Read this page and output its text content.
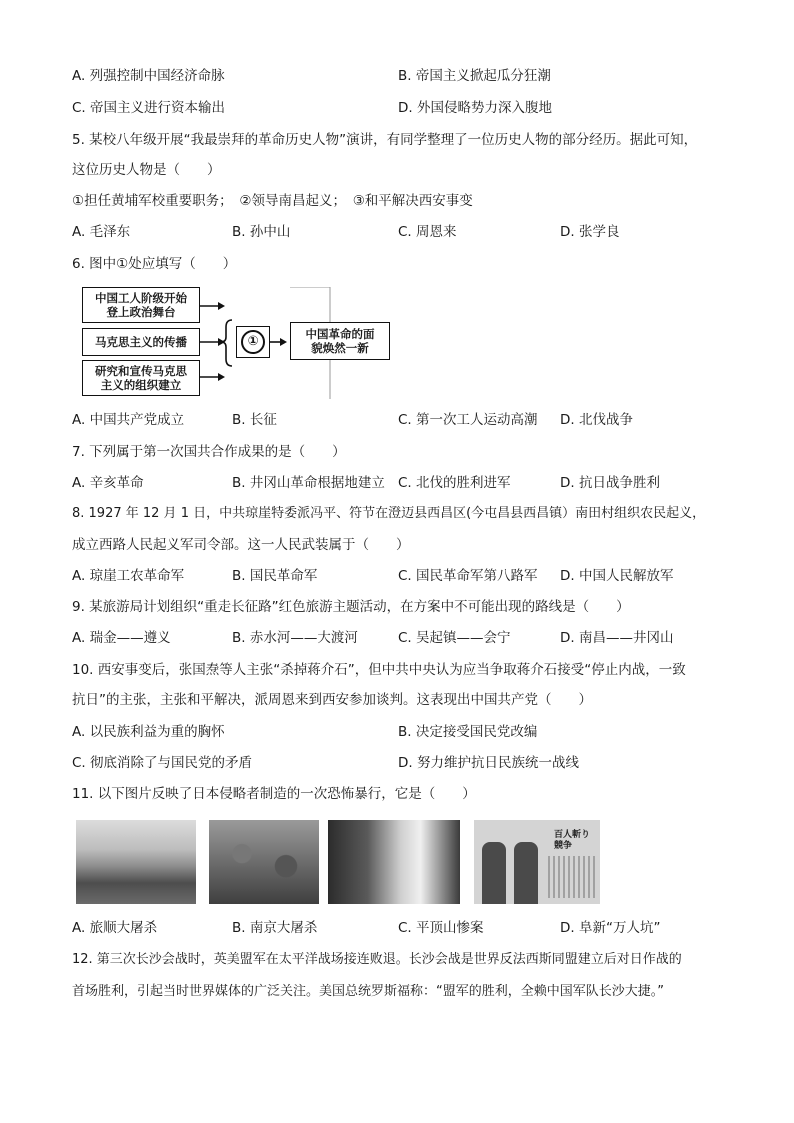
A. 列强控制中国经济命脉	B. 帝国主义掀起瓜分狂潮
C. 帝国主义进行资本输出	D. 外国侵略势力深入腹地
5. 某校八年级开展“我最崇拜的革命历史人物”演讲，有同学整理了一位历史人物的部分经历。据此可知，
这位历史人物是（　　）
①担任黄埔军校重要职务；　②领导南昌起义；　③和平解决西安事变
A. 毛泽东	B. 孙中山	C. 周恩来	D. 张学良
6. 图中①处应填写（　　）
中国工人阶级开始
登上政治舞台
马克思主义的传播
研究和宣传马克思
主义的组织建立
①	中国革命的面
貌焕然一新
A. 中国共产党成立	B. 长征	C. 第一次工人运动高潮 D. 北伐战争
7. 下列属于第一次国共合作成果的是（　　）
A. 辛亥革命	B. 井冈山革命根据地建立 C. 北伐的胜利进军	D. 抗日战争胜利
8. 1927 年 12 月 1 日，中共琼崖特委派冯平、符节在澄迈县西昌区(今屯昌县西昌镇）南田村组织农民起义，
成立西路人民起义军司令部。这一人民武装属于（　　）
A. 琼崖工农革命军	B. 国民革命军	C. 国民革命军第八路军 D. 中国人民解放军
9. 某旅游局计划组织“重走长征路”红色旅游主题活动，在方案中不可能出现的路线是（　　）
A. 瑞金——遵义	B. 赤水河——大渡河	C. 吴起镇——会宁	D. 南昌——井冈山
10. 西安事变后，张国焘等人主张“杀掉蒋介石”，但中共中央认为应当争取蒋介石接受“停止内战，一致
抗日”的主张，主张和平解决，派周恩来到西安参加谈判。这表现出中国共产党（　　）
A. 以民族利益为重的胸怀	B. 决定接受国民党改编
C. 彻底消除了与国民党的矛盾	D. 努力维护抗日民族统一战线
11. 以下图片反映了日本侵略者制造的一次恐怖暴行，它是（　　）
百人斬り競争
A. 旅顺大屠杀	B. 南京大屠杀	C. 平顶山惨案	D. 阜新“万人坑”
12. 第三次长沙会战时，英美盟军在太平洋战场接连败退。长沙会战是世界反法西斯同盟建立后对日作战的
首场胜利，引起当时世界媒体的广泛关注。美国总统罗斯福称：“盟军的胜利，全赖中国军队长沙大捷。”
